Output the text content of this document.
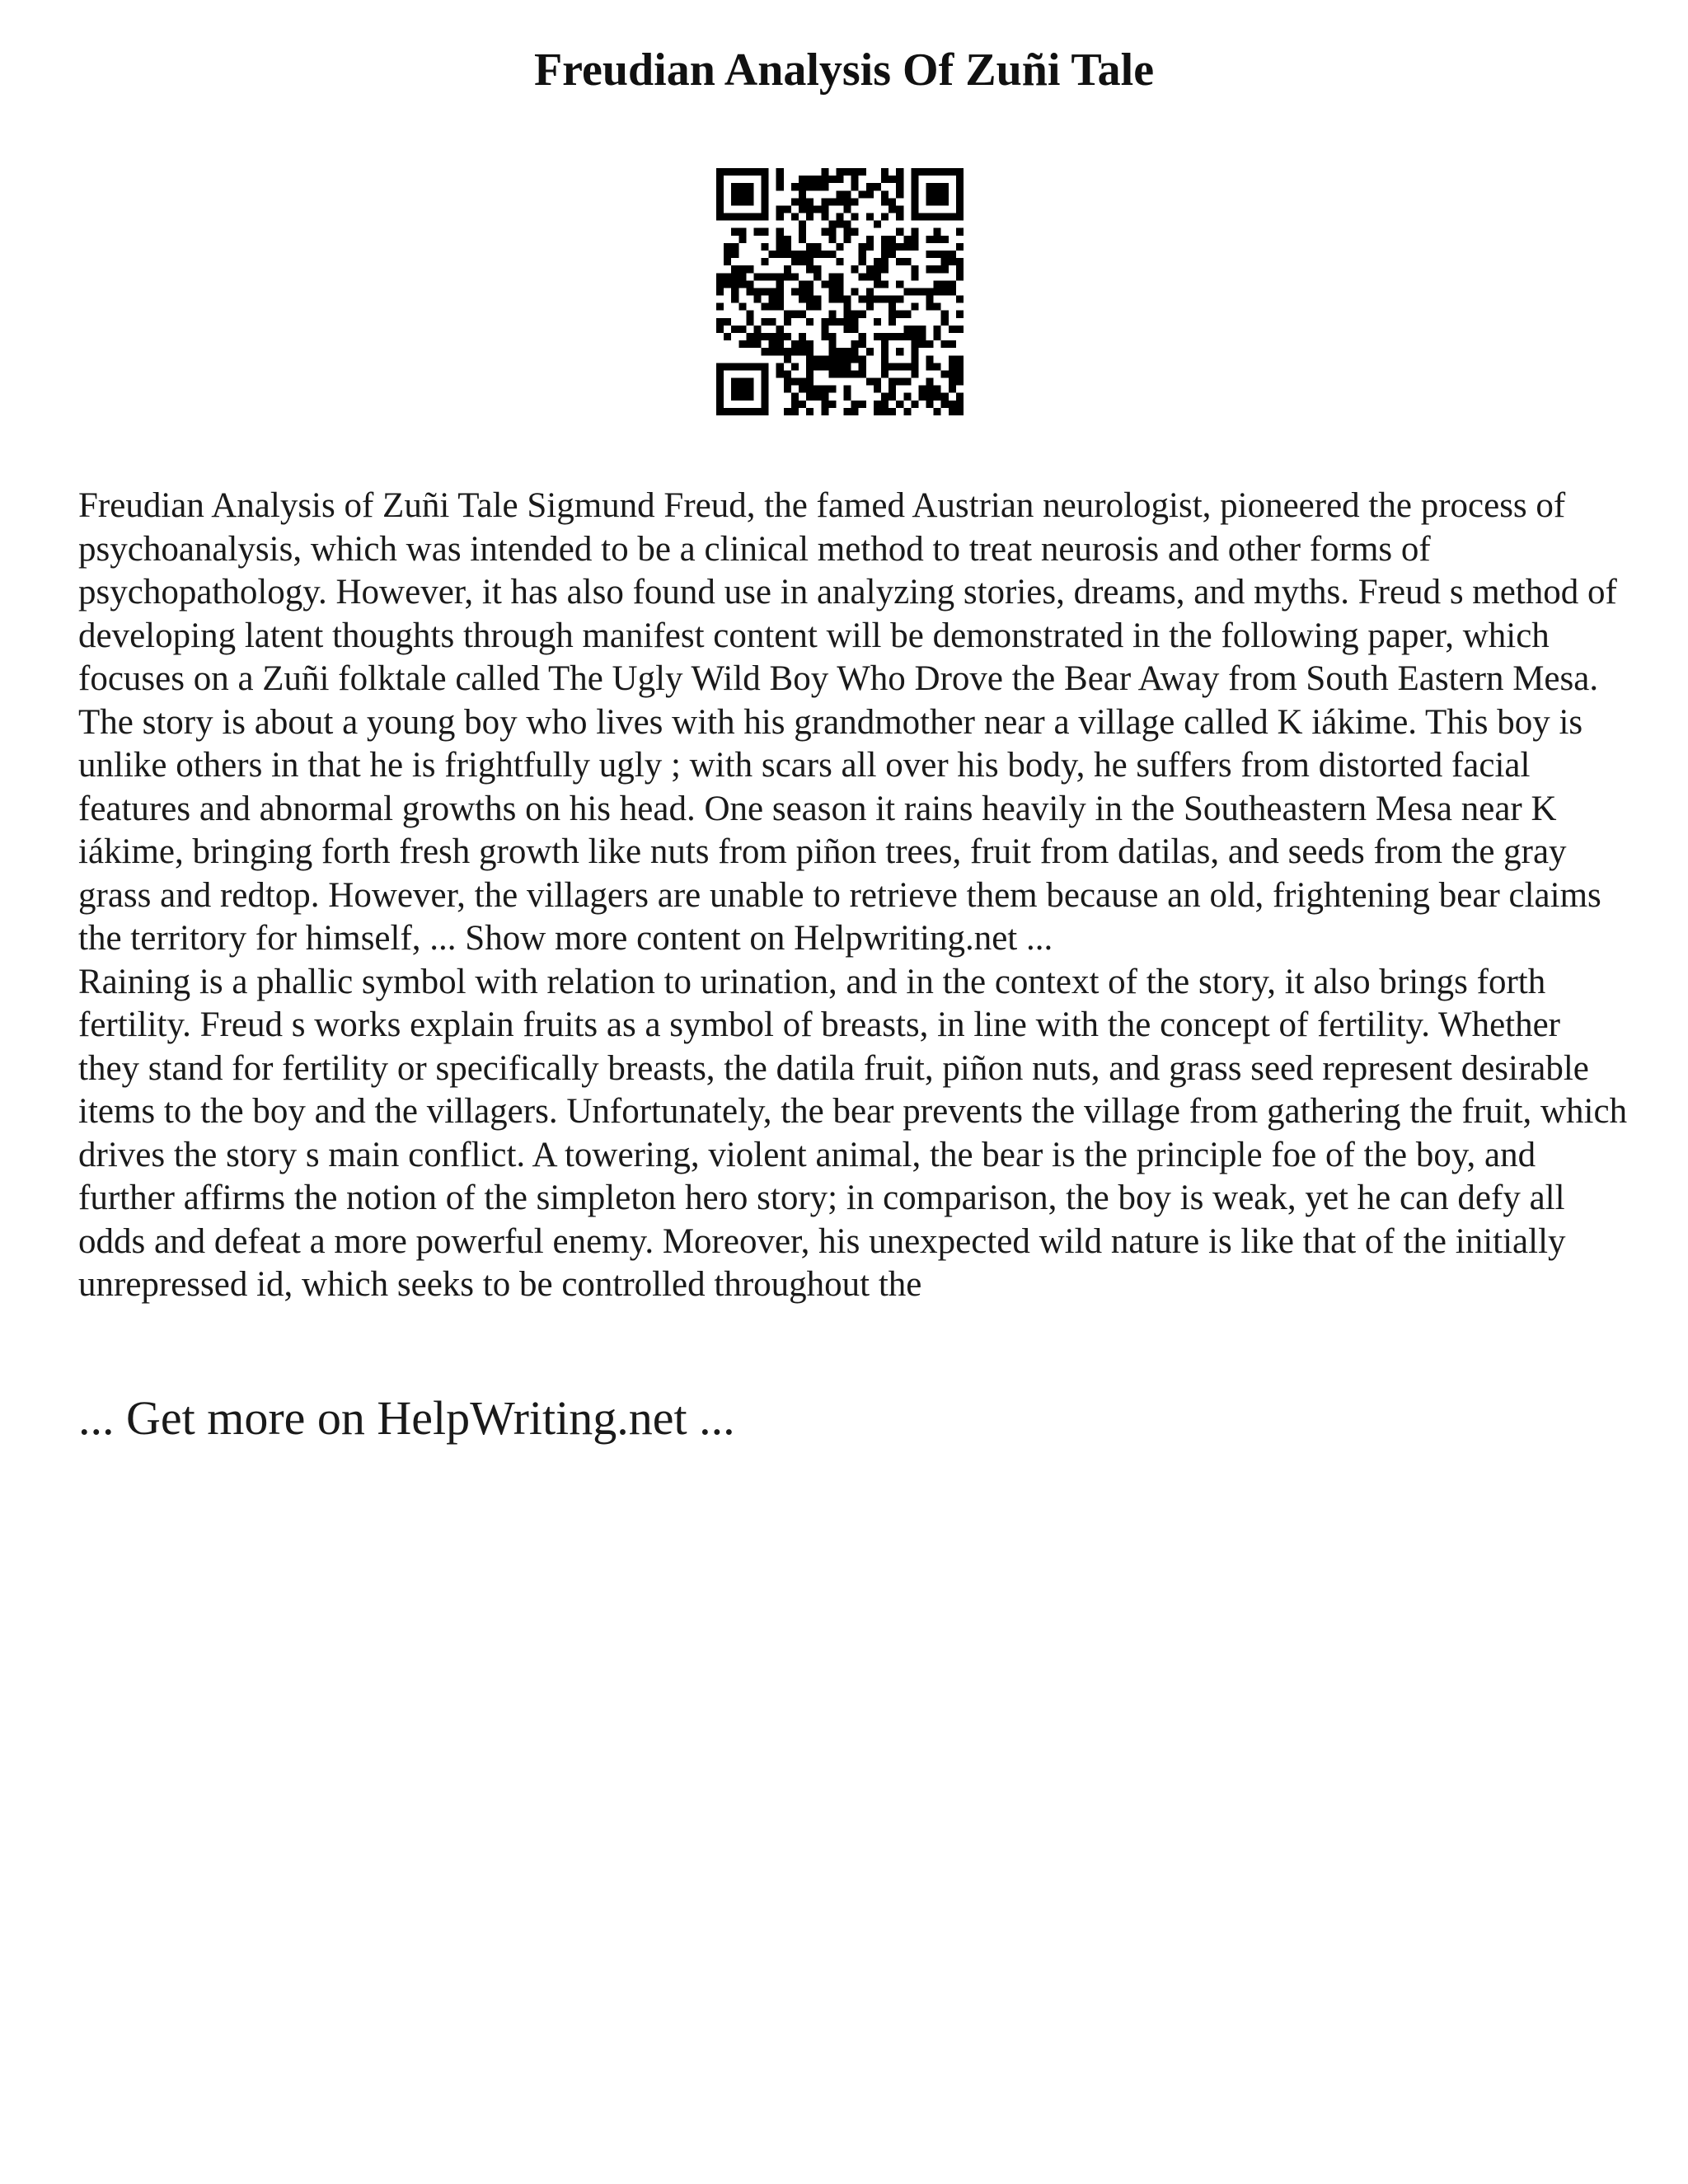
Freudian Analysis Of Zuñi Tale

Freudian Analysis of Zuñi Tale Sigmund Freud, the famed Austrian neurologist, pioneered the process of psychoanalysis, which was intended to be a clinical method to treat neurosis and other forms of psychopathology. However, it has also found use in analyzing stories, dreams, and myths. Freud s method of developing latent thoughts through manifest content will be demonstrated in the following paper, which focuses on a Zuñi folktale called The Ugly Wild Boy Who Drove the Bear Away from South Eastern Mesa. The story is about a young boy who lives with his grandmother near a village called K iákime. This boy is unlike others in that he is frightfully ugly ; with scars all over his body, he suffers from distorted facial features and abnormal growths on his head. One season it rains heavily in the Southeastern Mesa near K iákime, bringing forth fresh growth like nuts from piñon trees, fruit from datilas, and seeds from the gray grass and redtop. However, the villagers are unable to retrieve them because an old, frightening bear claims the territory for himself, ... Show more content on Helpwriting.net ...

Raining is a phallic symbol with relation to urination, and in the context of the story, it also brings forth fertility. Freud s works explain fruits as a symbol of breasts, in line with the concept of fertility. Whether they stand for fertility or specifically breasts, the datila fruit, piñon nuts, and grass seed represent desirable items to the boy and the villagers. Unfortunately, the bear prevents the village from gathering the fruit, which drives the story s main conflict. A towering, violent animal, the bear is the principle foe of the boy, and further affirms the notion of the simpleton hero story; in comparison, the boy is weak, yet he can defy all odds and defeat a more powerful enemy. Moreover, his unexpected wild nature is like that of the initially unrepressed id, which seeks to be controlled throughout the

... Get more on HelpWriting.net ...
